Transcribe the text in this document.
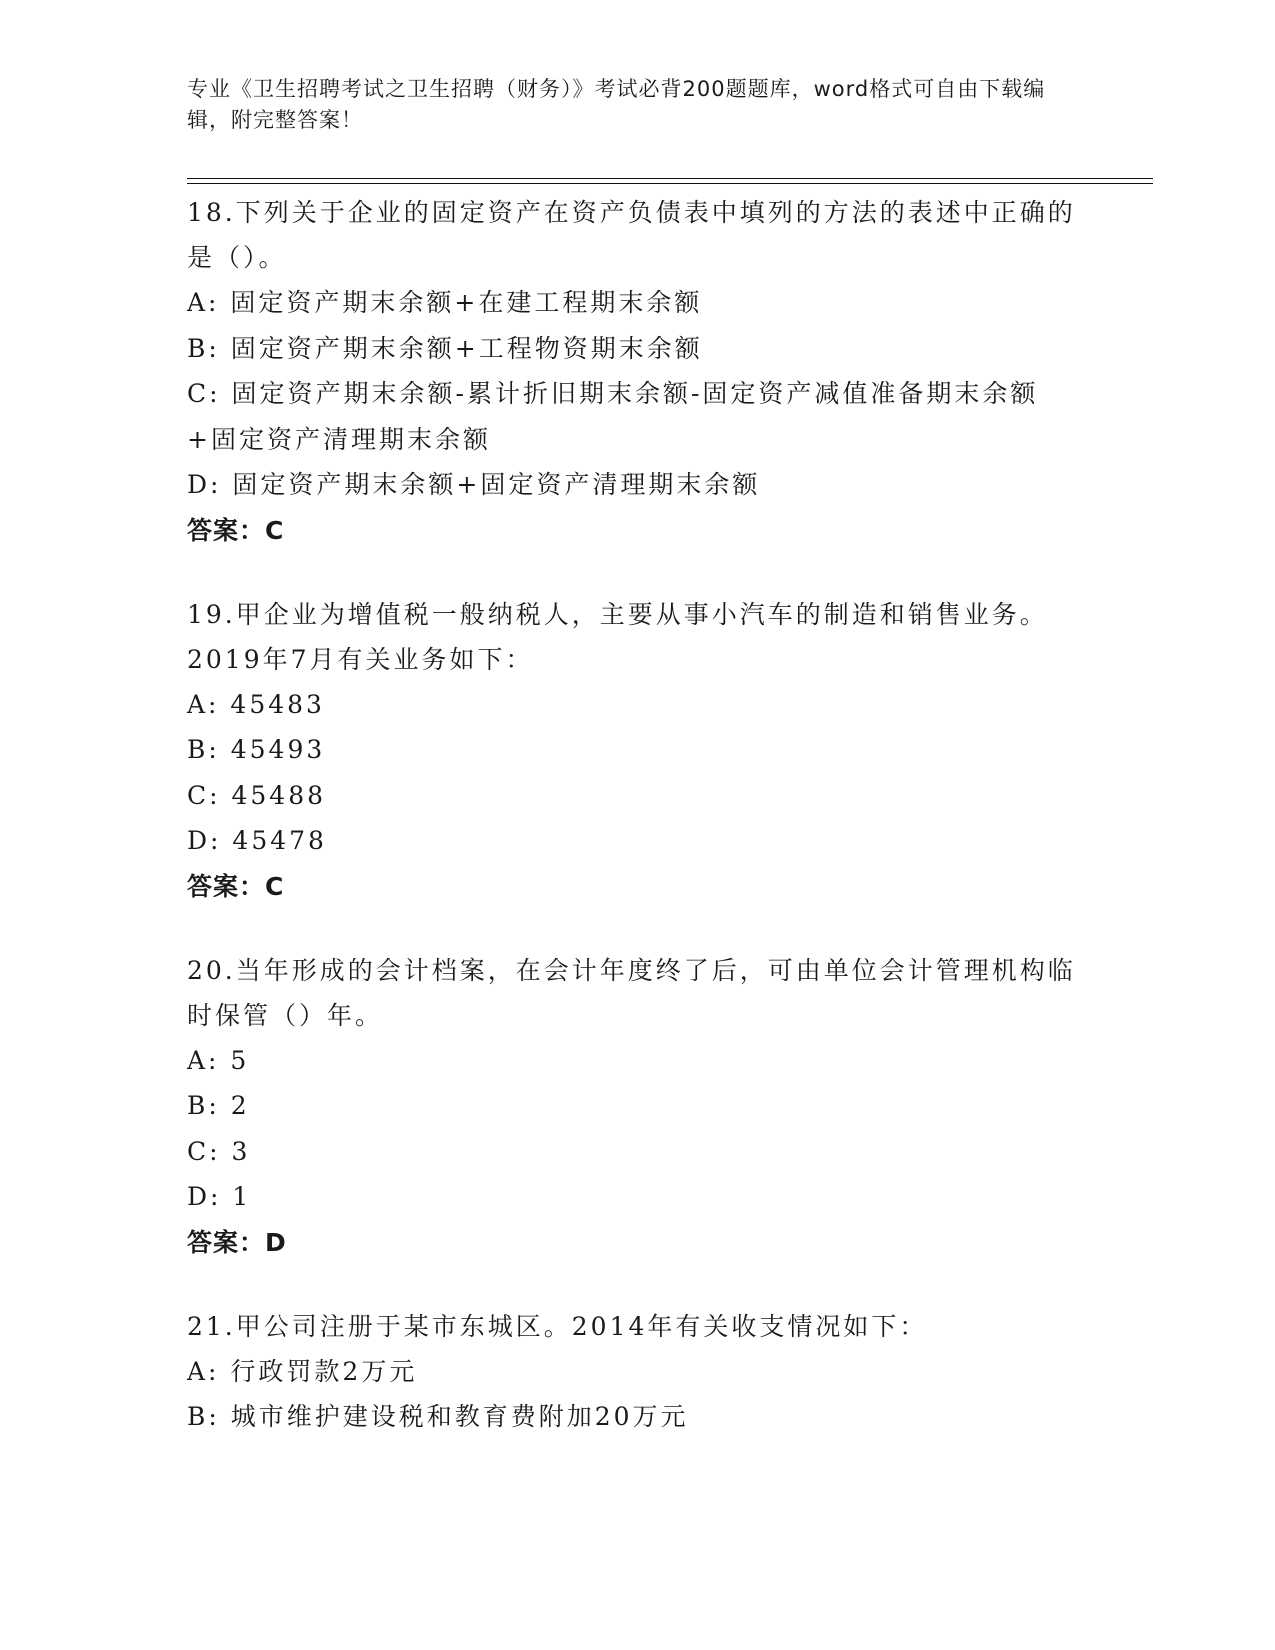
专业《卫生招聘考试之卫生招聘（财务）》考试必背200题题库，word格式可自由下载编辑，附完整答案！
18.下列关于企业的固定资产在资产负债表中填列的方法的表述中正确的是（）。
A: 固定资产期末余额+在建工程期末余额
B: 固定资产期末余额+工程物资期末余额
C: 固定资产期末余额-累计折旧期末余额-固定资产减值准备期末余额+固定资产清理期末余额
D: 固定资产期末余额+固定资产清理期末余额
答案：C
19.甲企业为增值税一般纳税人，主要从事小汽车的制造和销售业务。2019年7月有关业务如下：
A: 45483
B: 45493
C: 45488
D: 45478
答案：C
20.当年形成的会计档案，在会计年度终了后，可由单位会计管理机构临时保管（）年。
A: 5
B: 2
C: 3
D: 1
答案：D
21.甲公司注册于某市东城区。2014年有关收支情况如下：
A: 行政罚款2万元
B: 城市维护建设税和教育费附加20万元
